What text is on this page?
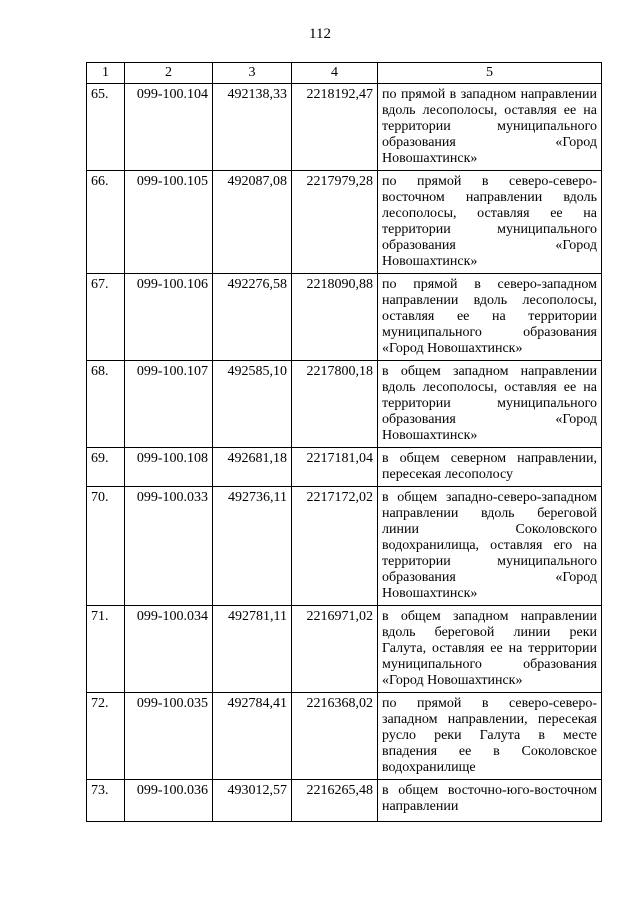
112
1	2	3	4	5
65.	099-100.104	492138,33	2218192,47	по прямой в западном направлении вдоль лесополосы, оставляя ее на территории муниципального образования «Город Новошахтинск»
66.	099-100.105	492087,08	2217979,28	по прямой в северо-северо-восточном направлении вдоль лесополосы, оставляя ее на территории муниципального образования «Город Новошахтинск»
67.	099-100.106	492276,58	2218090,88	по прямой в северо-западном направлении вдоль лесополосы, оставляя ее на территории муниципального образования «Город Новошахтинск»
68.	099-100.107	492585,10	2217800,18	в общем западном направлении вдоль лесополосы, оставляя ее на территории муниципального образования «Город Новошахтинск»
69.	099-100.108	492681,18	2217181,04	в общем северном направлении, пересекая лесополосу
70.	099-100.033	492736,11	2217172,02	в общем западно-северо-западном направлении вдоль береговой линии Соколовского водохранилища, оставляя его на территории муниципального образования «Город Новошахтинск»
71.	099-100.034	492781,11	2216971,02	в общем западном направлении вдоль береговой линии реки Галута, оставляя ее на территории муниципального образования «Город Новошахтинск»
72.	099-100.035	492784,41	2216368,02	по прямой в северо-северо-западном направлении, пересекая русло реки Галута в месте впадения ее в Соколовское водохранилище
73.	099-100.036	493012,57	2216265,48	в общем восточно-юго-восточном направлении
